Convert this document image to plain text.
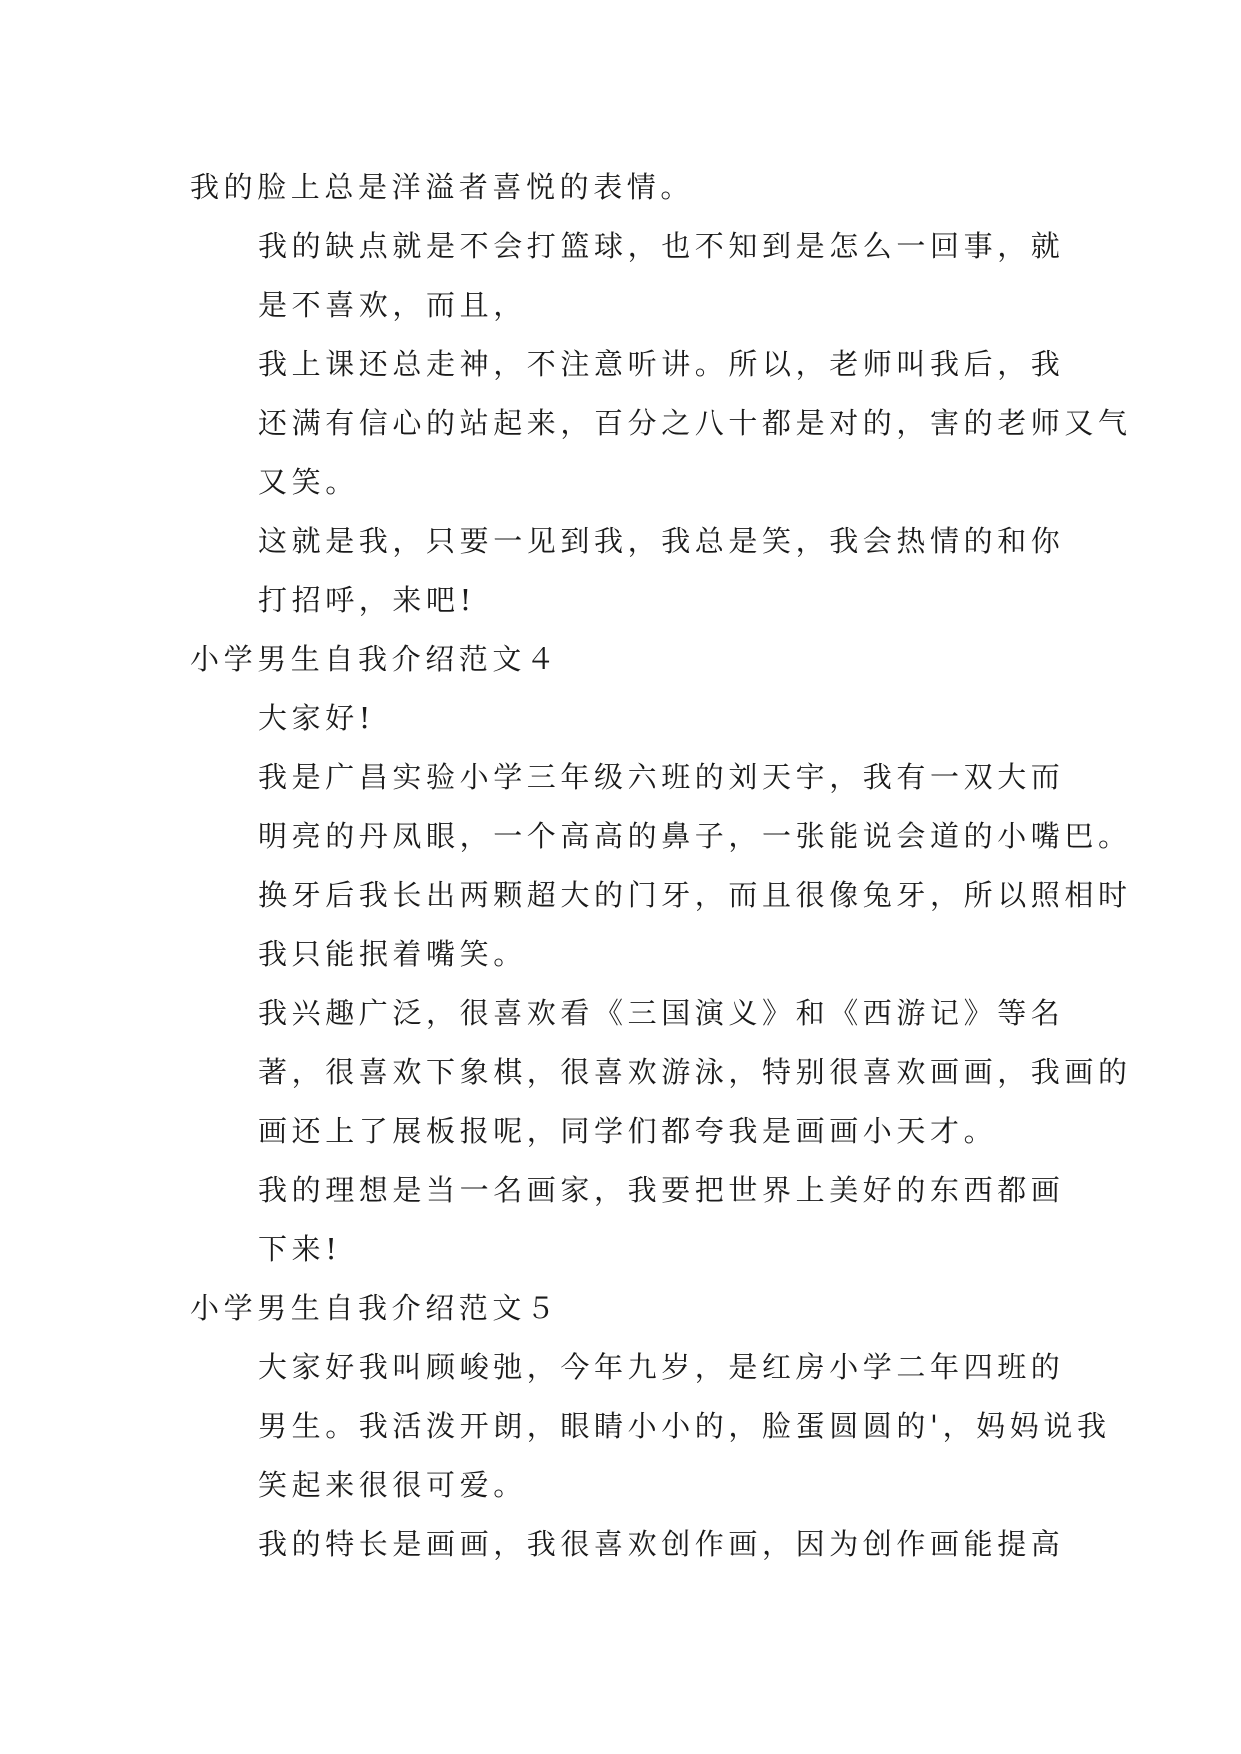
我的脸上总是洋溢者喜悦的表情。

我的缺点就是不会打篮球，也不知到是怎么一回事，就
是不喜欢，而且，

我上课还总走神，不注意听讲。所以，老师叫我后，我
还满有信心的站起来，百分之八十都是对的，害的老师又气
又笑。

这就是我，只要一见到我，我总是笑，我会热情的和你
打招呼，来吧!

小学男生自我介绍范文４

大家好!

我是广昌实验小学三年级六班的刘天宇，我有一双大而
明亮的丹凤眼，一个高高的鼻子，一张能说会道的小嘴巴。
换牙后我长出两颗超大的门牙，而且很像兔牙，所以照相时
我只能抿着嘴笑。

我兴趣广泛，很喜欢看《三国演义》和《西游记》等名
著，很喜欢下象棋，很喜欢游泳，特别很喜欢画画，我画的
画还上了展板报呢，同学们都夸我是画画小天才。

我的理想是当一名画家，我要把世界上美好的东西都画
下来!

小学男生自我介绍范文５

大家好我叫顾峻弛，今年九岁，是红房小学二年四班的
男生。我活泼开朗，眼睛小小的，脸蛋圆圆的'，妈妈说我
笑起来很很可爱。

我的特长是画画，我很喜欢创作画，因为创作画能提高
